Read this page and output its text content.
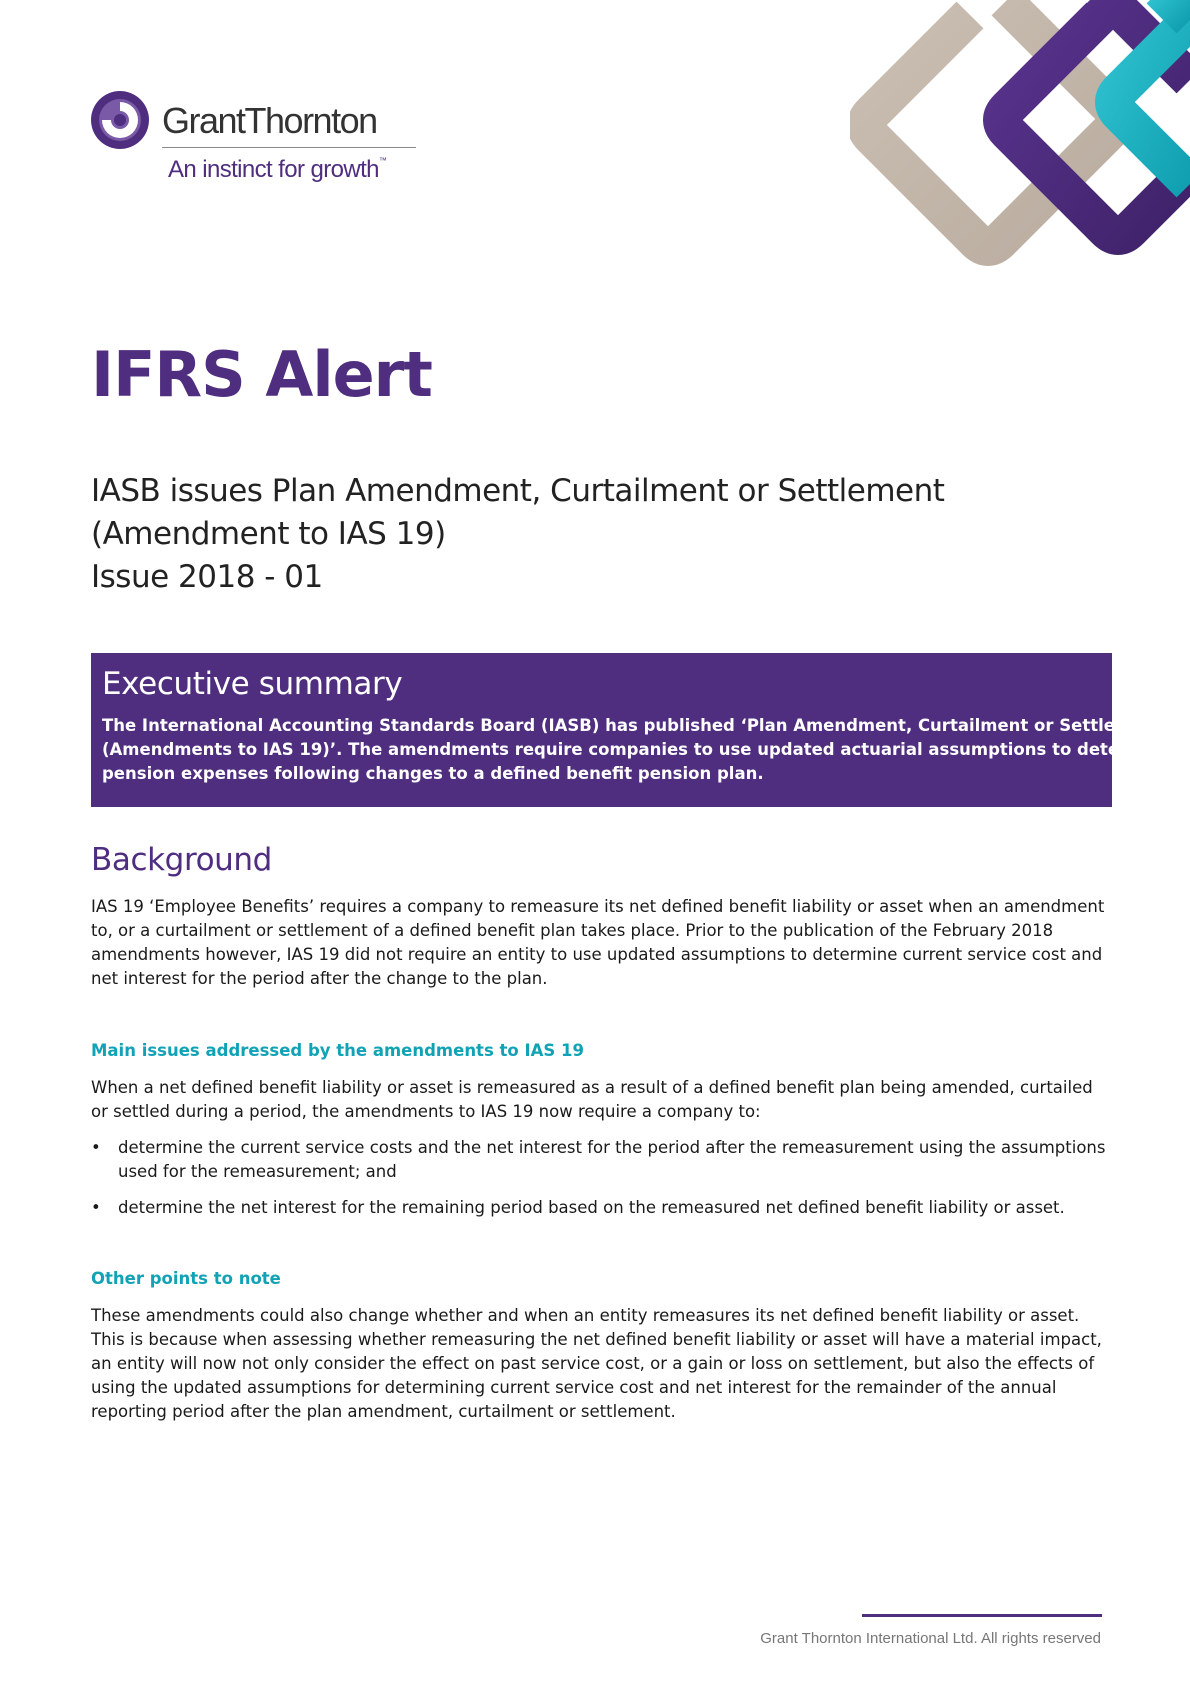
GrantThornton
An instinct for growth™
IFRS Alert
IASB issues Plan Amendment, Curtailment or Settlement
(Amendment to IAS 19)
Issue 2018 - 01
Executive summary
The International Accounting Standards Board (IASB) has published ‘Plan Amendment, Curtailment or Settlement
(Amendments to IAS 19)’. The amendments require companies to use updated actuarial assumptions to determine
pension expenses following changes to a defined benefit pension plan.
Background
IAS 19 ‘Employee Benefits’ requires a company to remeasure its net defined benefit liability or asset when an amendment
to, or a curtailment or settlement of a defined benefit plan takes place. Prior to the publication of the February 2018
amendments however, IAS 19 did not require an entity to use updated assumptions to determine current service cost and
net interest for the period after the change to the plan.
Main issues addressed by the amendments to IAS 19
When a net defined benefit liability or asset is remeasured as a result of a defined benefit plan being amended, curtailed
or settled during a period, the amendments to IAS 19 now require a company to:
• determine the current service costs and the net interest for the period after the remeasurement using the assumptions
used for the remeasurement; and
• determine the net interest for the remaining period based on the remeasured net defined benefit liability or asset.
Other points to note
These amendments could also change whether and when an entity remeasures its net defined benefit liability or asset.
This is because when assessing whether remeasuring the net defined benefit liability or asset will have a material impact,
an entity will now not only consider the effect on past service cost, or a gain or loss on settlement, but also the effects of
using the updated assumptions for determining current service cost and net interest for the remainder of the annual
reporting period after the plan amendment, curtailment or settlement.
Grant Thornton International Ltd. All rights reserved
